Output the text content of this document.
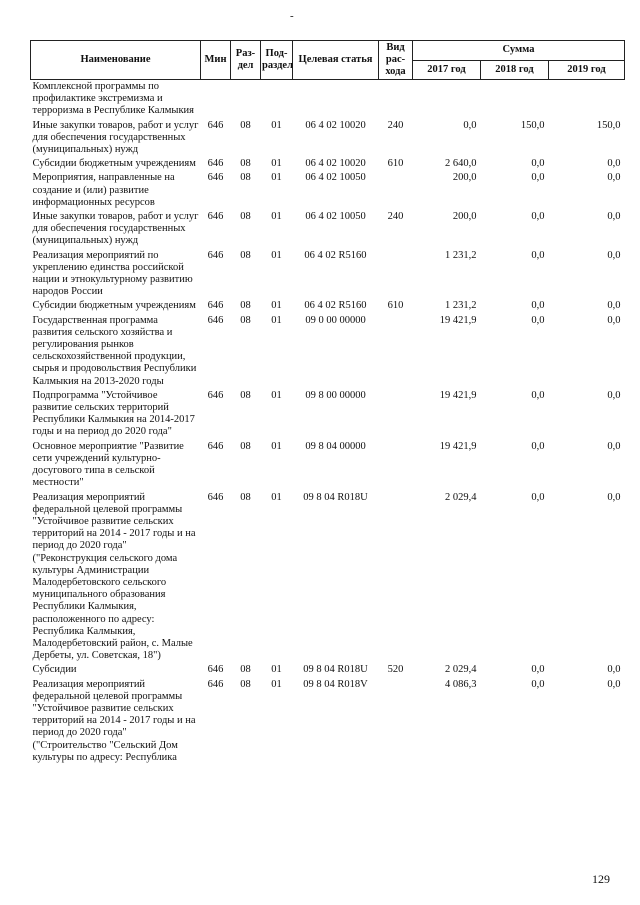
-
Наименование	Мин	Раз-дел	Под-раздел	Целевая статья	Вид рас-хода	Сумма		
						2017 год	2018 год	2019 год
Комплексной программы по профилактике экстремизма и терроризма в Республике Калмыкия								
Иные закупки товаров, работ и услуг для обеспечения государственных (муниципальных) нужд	646	08	01	06 4 02 10020	240	0,0	150,0	150,0
Субсидии бюджетным учреждениям	646	08	01	06 4 02 10020	610	2 640,0	0,0	0,0
Мероприятия, направленные на создание и (или) развитие информационных ресурсов	646	08	01	06 4 02 10050		200,0	0,0	0,0
Иные закупки товаров, работ и услуг для обеспечения государственных (муниципальных) нужд	646	08	01	06 4 02 10050	240	200,0	0,0	0,0
Реализация мероприятий по укреплению единства российской нации и этнокультурному развитию народов России	646	08	01	06 4 02 R5160		1 231,2	0,0	0,0
Субсидии бюджетным учреждениям	646	08	01	06 4 02 R5160	610	1 231,2	0,0	0,0
Государственная программа развития сельского хозяйства и регулирования рынков сельскохозяйственной продукции, сырья и продовольствия Республики Калмыкия на 2013-2020 годы	646	08	01	09 0 00 00000		19 421,9	0,0	0,0
Подпрограмма "Устойчивое развитие сельских территорий Республики Калмыкия на 2014-2017 годы и на период до 2020 года"	646	08	01	09 8 00 00000		19 421,9	0,0	0,0
Основное мероприятие "Развитие сети учреждений культурно-досугового типа в сельской местности"	646	08	01	09 8 04 00000		19 421,9	0,0	0,0
Реализация мероприятий федеральной целевой программы "Устойчивое развитие сельских территорий на 2014 - 2017 годы и на период до 2020 года" ("Реконструкция сельского дома культуры Администрации Малодербетовского сельского муниципального образования Республики Калмыкия, расположенного по адресу: Республика Калмыкия, Малодербетовский район, с. Малые Дербеты, ул. Советская, 18")	646	08	01	09 8 04 R018U		2 029,4	0,0	0,0
Субсидии	646	08	01	09 8 04 R018U	520	2 029,4	0,0	0,0
Реализация мероприятий федеральной целевой программы "Устойчивое развитие сельских территорий на 2014 - 2017 годы и на период до 2020 года" ("Строительство "Сельский Дом культуры по адресу: Республика	646	08	01	09 8 04 R018V		4 086,3	0,0	0,0
129
